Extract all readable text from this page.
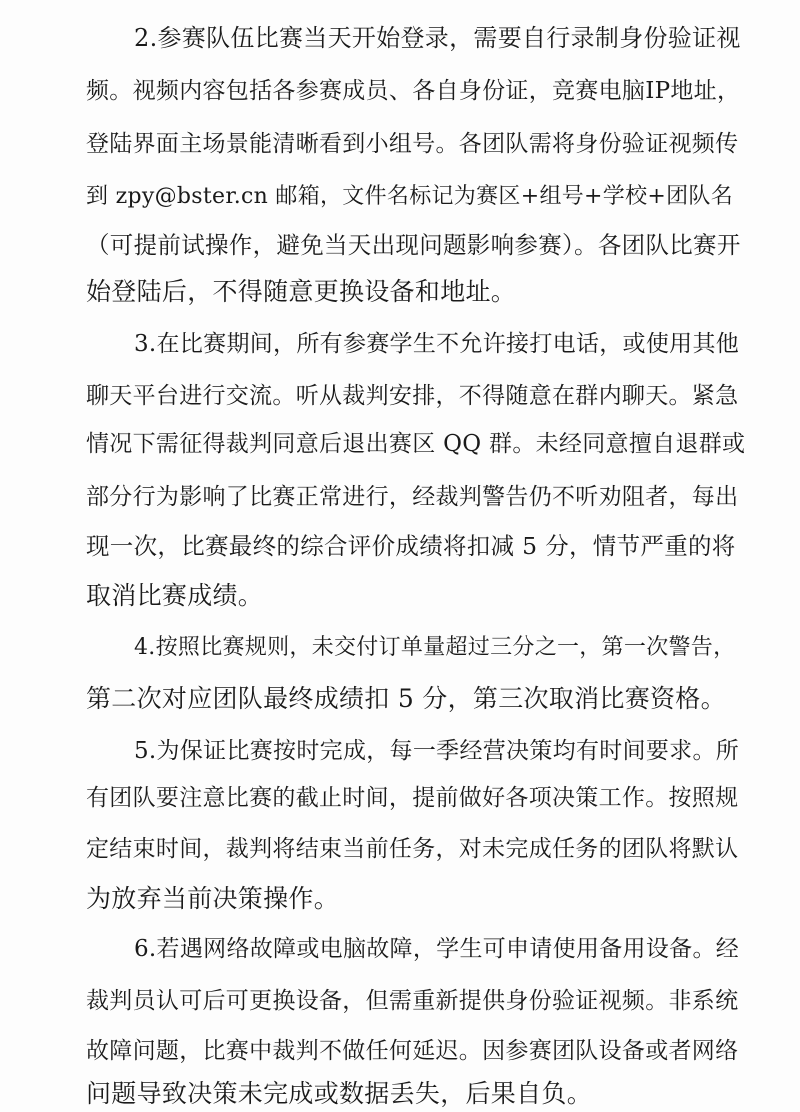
2.参赛队伍比赛当天开始登录，需要自行录制身份验证视
频。视频内容包括各参赛成员、各自身份证，竞赛电脑IP地址，
登陆界面主场景能清晰看到小组号。各团队需将身份验证视频传
到 zpy@bster.cn 邮箱，文件名标记为赛区+组号+学校+团队名
（可提前试操作，避免当天出现问题影响参赛）。各团队比赛开
始登陆后，不得随意更换设备和地址。
3.在比赛期间，所有参赛学生不允许接打电话，或使用其他
聊天平台进行交流。听从裁判安排，不得随意在群内聊天。紧急
情况下需征得裁判同意后退出赛区 QQ 群。未经同意擅自退群或
部分行为影响了比赛正常进行，经裁判警告仍不听劝阻者，每出
现一次，比赛最终的综合评价成绩将扣减 5 分，情节严重的将
取消比赛成绩。
4.按照比赛规则，未交付订单量超过三分之一，第一次警告，
第二次对应团队最终成绩扣 5 分，第三次取消比赛资格。
5.为保证比赛按时完成，每一季经营决策均有时间要求。所
有团队要注意比赛的截止时间，提前做好各项决策工作。按照规
定结束时间，裁判将结束当前任务，对未完成任务的团队将默认
为放弃当前决策操作。
6.若遇网络故障或电脑故障，学生可申请使用备用设备。经
裁判员认可后可更换设备，但需重新提供身份验证视频。非系统
故障问题，比赛中裁判不做任何延迟。因参赛团队设备或者网络
问题导致决策未完成或数据丢失，后果自负。
